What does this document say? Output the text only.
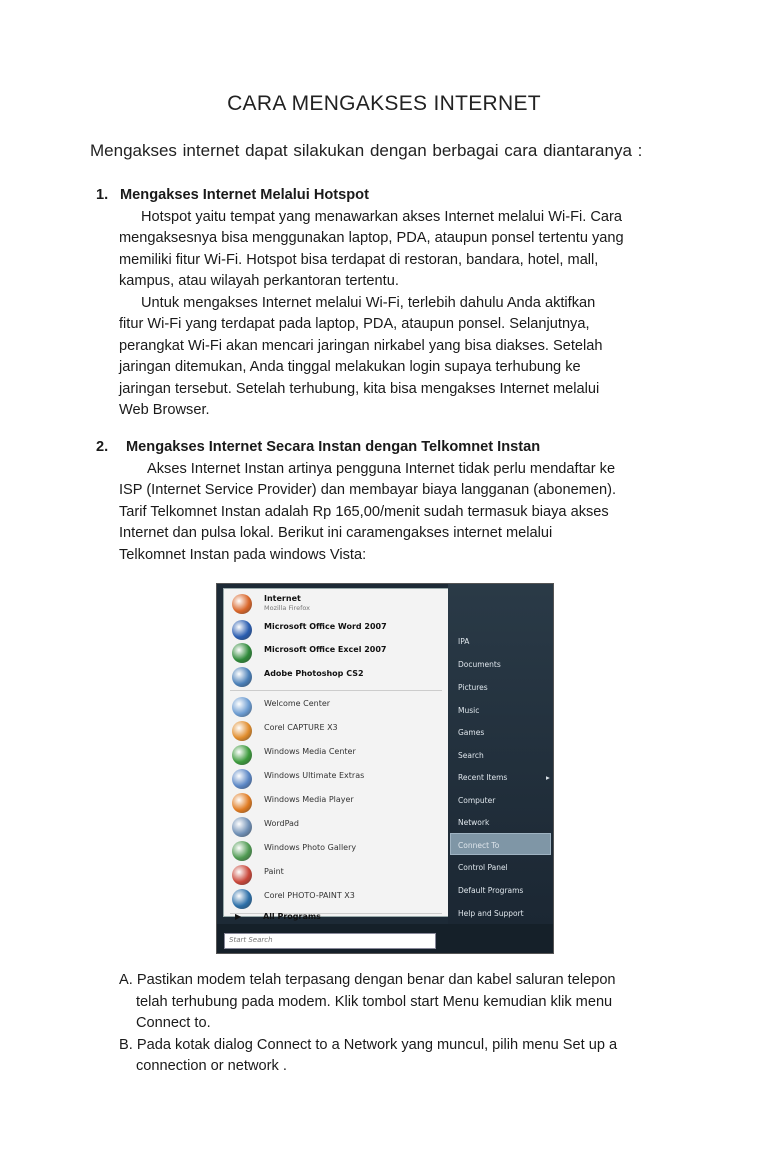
CARA MENGAKSES INTERNET
Mengakses internet dapat silakukan dengan berbagai cara diantaranya :
1. Mengakses Internet Melalui Hotspot
Hotspot yaitu tempat yang menawarkan akses Internet melalui Wi-Fi. Cara
mengaksesnya bisa menggunakan laptop, PDA, ataupun ponsel tertentu yang
memiliki fitur Wi-Fi. Hotspot bisa terdapat di restoran, bandara, hotel, mall,
kampus, atau wilayah perkantoran tertentu.
Untuk mengakses Internet melalui Wi-Fi, terlebih dahulu Anda aktifkan
fitur Wi-Fi yang terdapat pada laptop, PDA, ataupun ponsel. Selanjutnya,
perangkat Wi-Fi akan mencari jaringan nirkabel yang bisa diakses. Setelah
jaringan ditemukan, Anda tinggal melakukan login supaya terhubung ke
jaringan tersebut. Setelah terhubung, kita bisa mengakses Internet melalui
Web Browser.
2. Mengakses Internet Secara Instan dengan Telkomnet Instan
Akses Internet Instan artinya pengguna Internet tidak perlu mendaftar ke
ISP (Internet Service Provider) dan membayar biaya langganan (abonemen).
Tarif Telkomnet Instan adalah Rp 165,00/menit sudah termasuk biaya akses
Internet dan pulsa lokal. Berikut ini caramengakses internet melalui
Telkomnet Instan pada windows Vista:
Internet
Mozilla Firefox
Microsoft Office Word 2007
Microsoft Office Excel 2007
Adobe Photoshop CS2
Welcome Center
Corel CAPTURE X3
Windows Media Center
Windows Ultimate Extras
Windows Media Player
WordPad
Windows Photo Gallery
Paint
Corel PHOTO-PAINT X3
IPA
Documents
Pictures
Music
Games
Search
Recent Items	▸
Computer
Network
Connect To
Control Panel
Default Programs
Help and Support
Start Search
▶	All Programs
A. Pastikan modem telah terpasang dengan benar dan kabel saluran telepon
telah terhubung pada modem. Klik tombol start Menu kemudian klik menu
Connect to.
B. Pada kotak dialog Connect to a Network yang muncul, pilih menu Set up a
connection or network .
